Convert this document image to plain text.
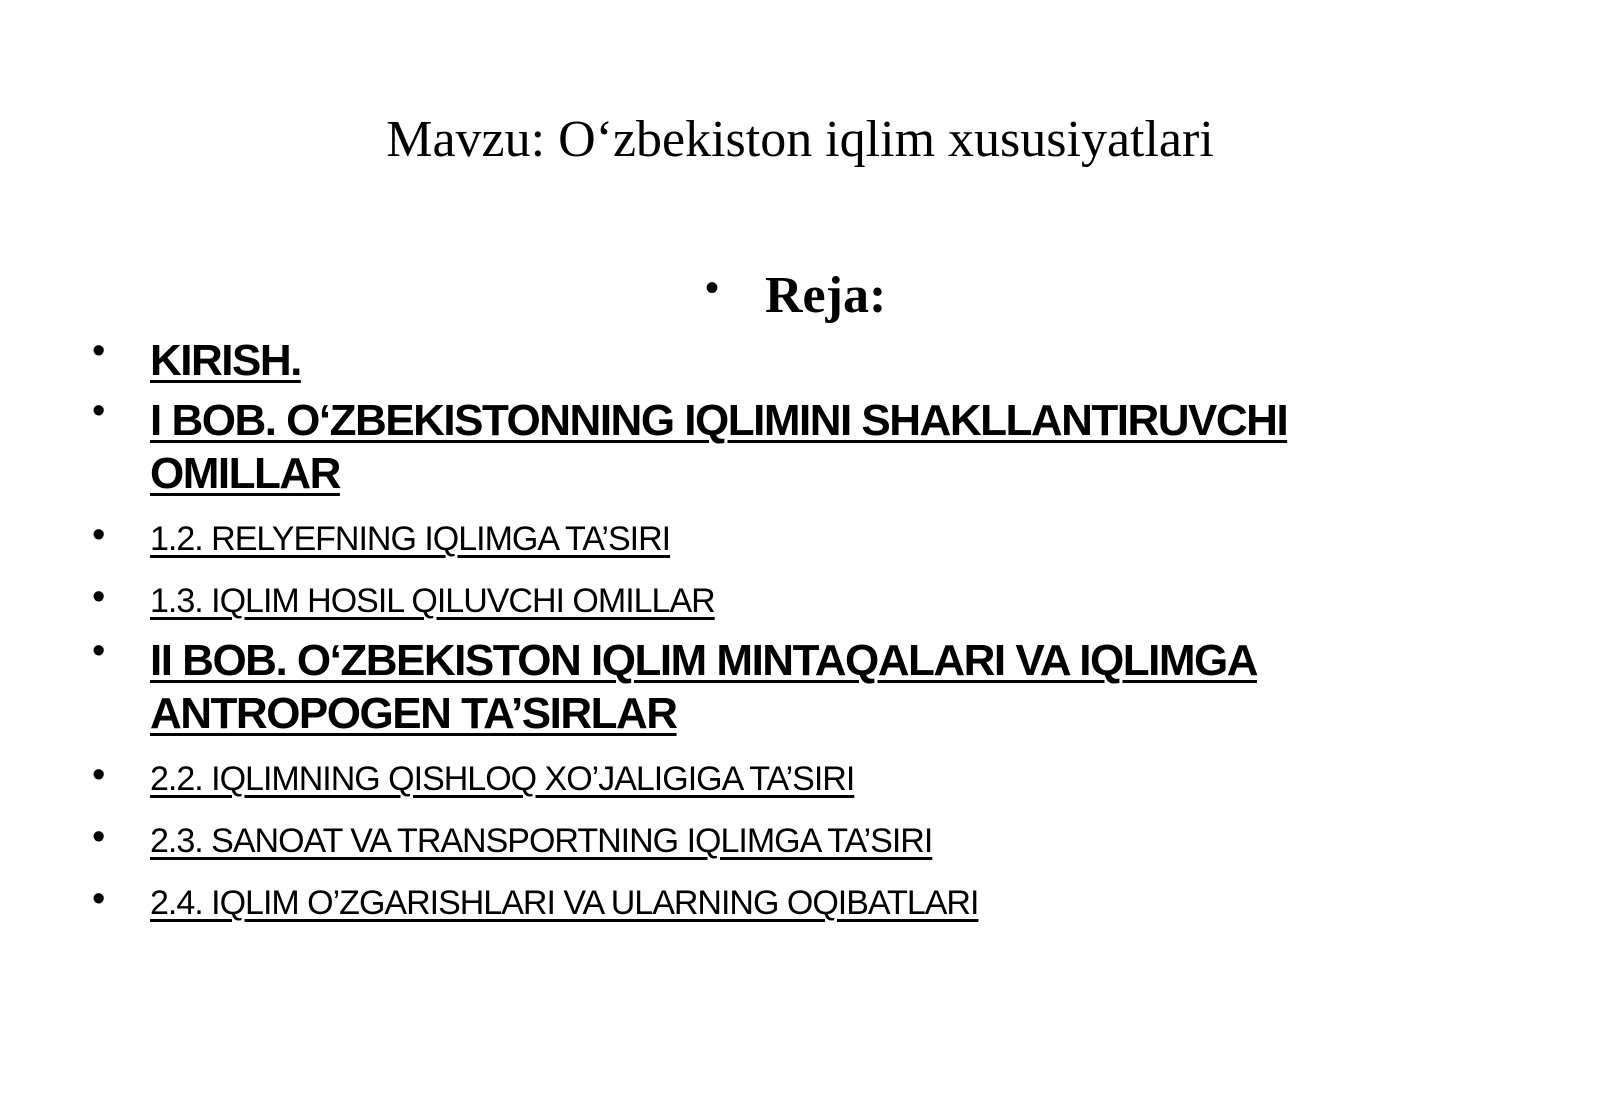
Mavzu: O‘zbekiston iqlim xususiyatlari
• Reja:
• KIRISH.
• I BOB. O‘ZBEKISTONNING IQLIMINI SHAKLLANTIRUVCHI
OMILLAR
• 1.2. RELYEFNING IQLIMGA TA’SIRI
• 1.3. IQLIM HOSIL QILUVCHI OMILLAR
• II BOB. O‘ZBEKISTON IQLIM MINTAQALARI VA IQLIMGA
ANTROPOGEN TA’SIRLAR
• 2.2. IQLIMNING QISHLOQ XO’JALIGIGA TA’SIRI
• 2.3. SANOAT VA TRANSPORTNING IQLIMGA TA’SIRI
• 2.4. IQLIM O’ZGARISHLARI VA ULARNING OQIBATLARI
